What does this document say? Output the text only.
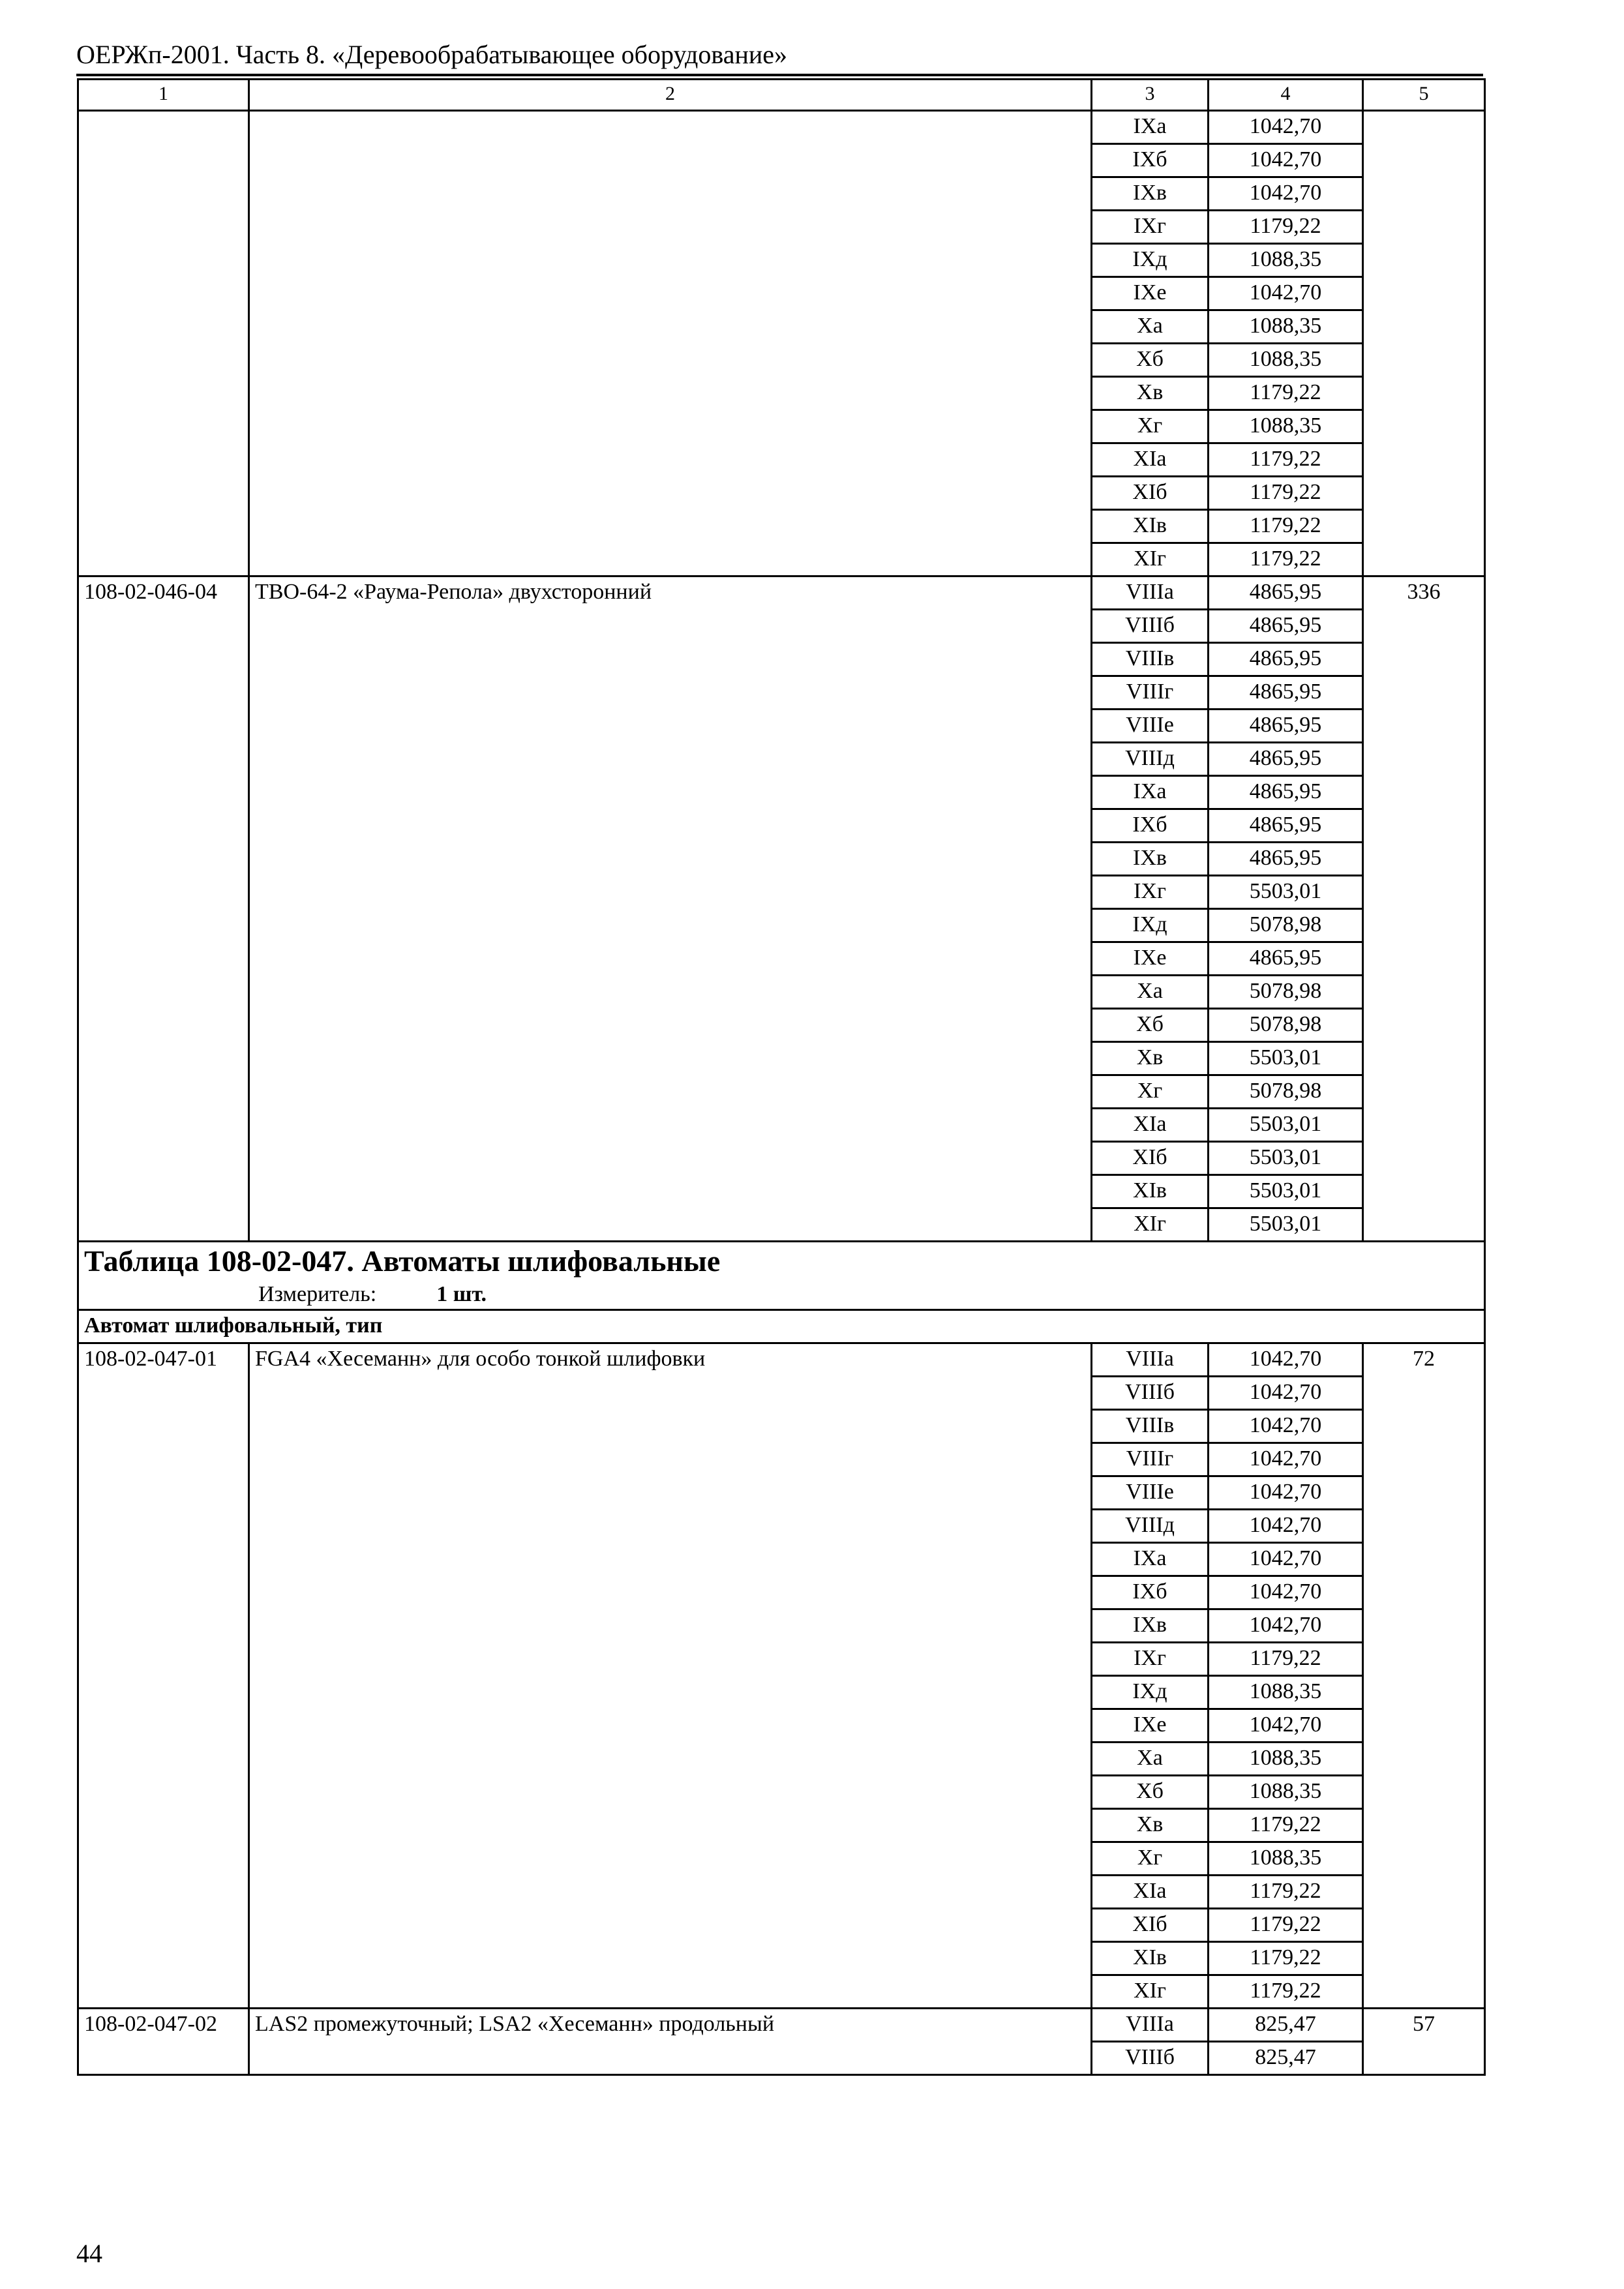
ОЕРЖп-2001. Часть 8. «Деревообрабатывающее оборудование»
1	2	3	4	5
		IXа	1042,70	
		IXб	1042,70	
		IXв	1042,70	
		IXг	1179,22	
		IXд	1088,35	
		IXе	1042,70	
		Xа	1088,35	
		Xб	1088,35	
		Xв	1179,22	
		Xг	1088,35	
		XIа	1179,22	
		XIб	1179,22	
		XIв	1179,22	
		XIг	1179,22	
108-02-046-04	ТВО-64-2 «Раума-Репола» двухсторонний	VIIIа	4865,95	336
		VIIIб	4865,95	
		VIIIв	4865,95	
		VIIIг	4865,95	
		VIIIе	4865,95	
		VIIIд	4865,95	
		IXа	4865,95	
		IXб	4865,95	
		IXв	4865,95	
		IXг	5503,01	
		IXд	5078,98	
		IXе	4865,95	
		Xа	5078,98	
		Xб	5078,98	
		Xв	5503,01	
		Xг	5078,98	
		XIа	5503,01	
		XIб	5503,01	
		XIв	5503,01	
		XIг	5503,01	

Таблица 108-02-047. Автоматы шлифовальные
Измеритель: 1 шт.				

Автомат шлифовальный, тип				
108-02-047-01	FGA4 «Хесеманн» для особо тонкой шлифовки	VIIIа	1042,70	72
		VIIIб	1042,70	
		VIIIв	1042,70	
		VIIIг	1042,70	
		VIIIе	1042,70	
		VIIIд	1042,70	
		IXа	1042,70	
		IXб	1042,70	
		IXв	1042,70	
		IXг	1179,22	
		IXд	1088,35	
		IXе	1042,70	
		Xа	1088,35	
		Xб	1088,35	
		Xв	1179,22	
		Xг	1088,35	
		XIа	1179,22	
		XIб	1179,22	
		XIв	1179,22	
		XIг	1179,22	
108-02-047-02	LAS2 промежуточный; LSA2 «Хесеманн» продольный	VIIIа	825,47	57
		VIIIб	825,47	
44
